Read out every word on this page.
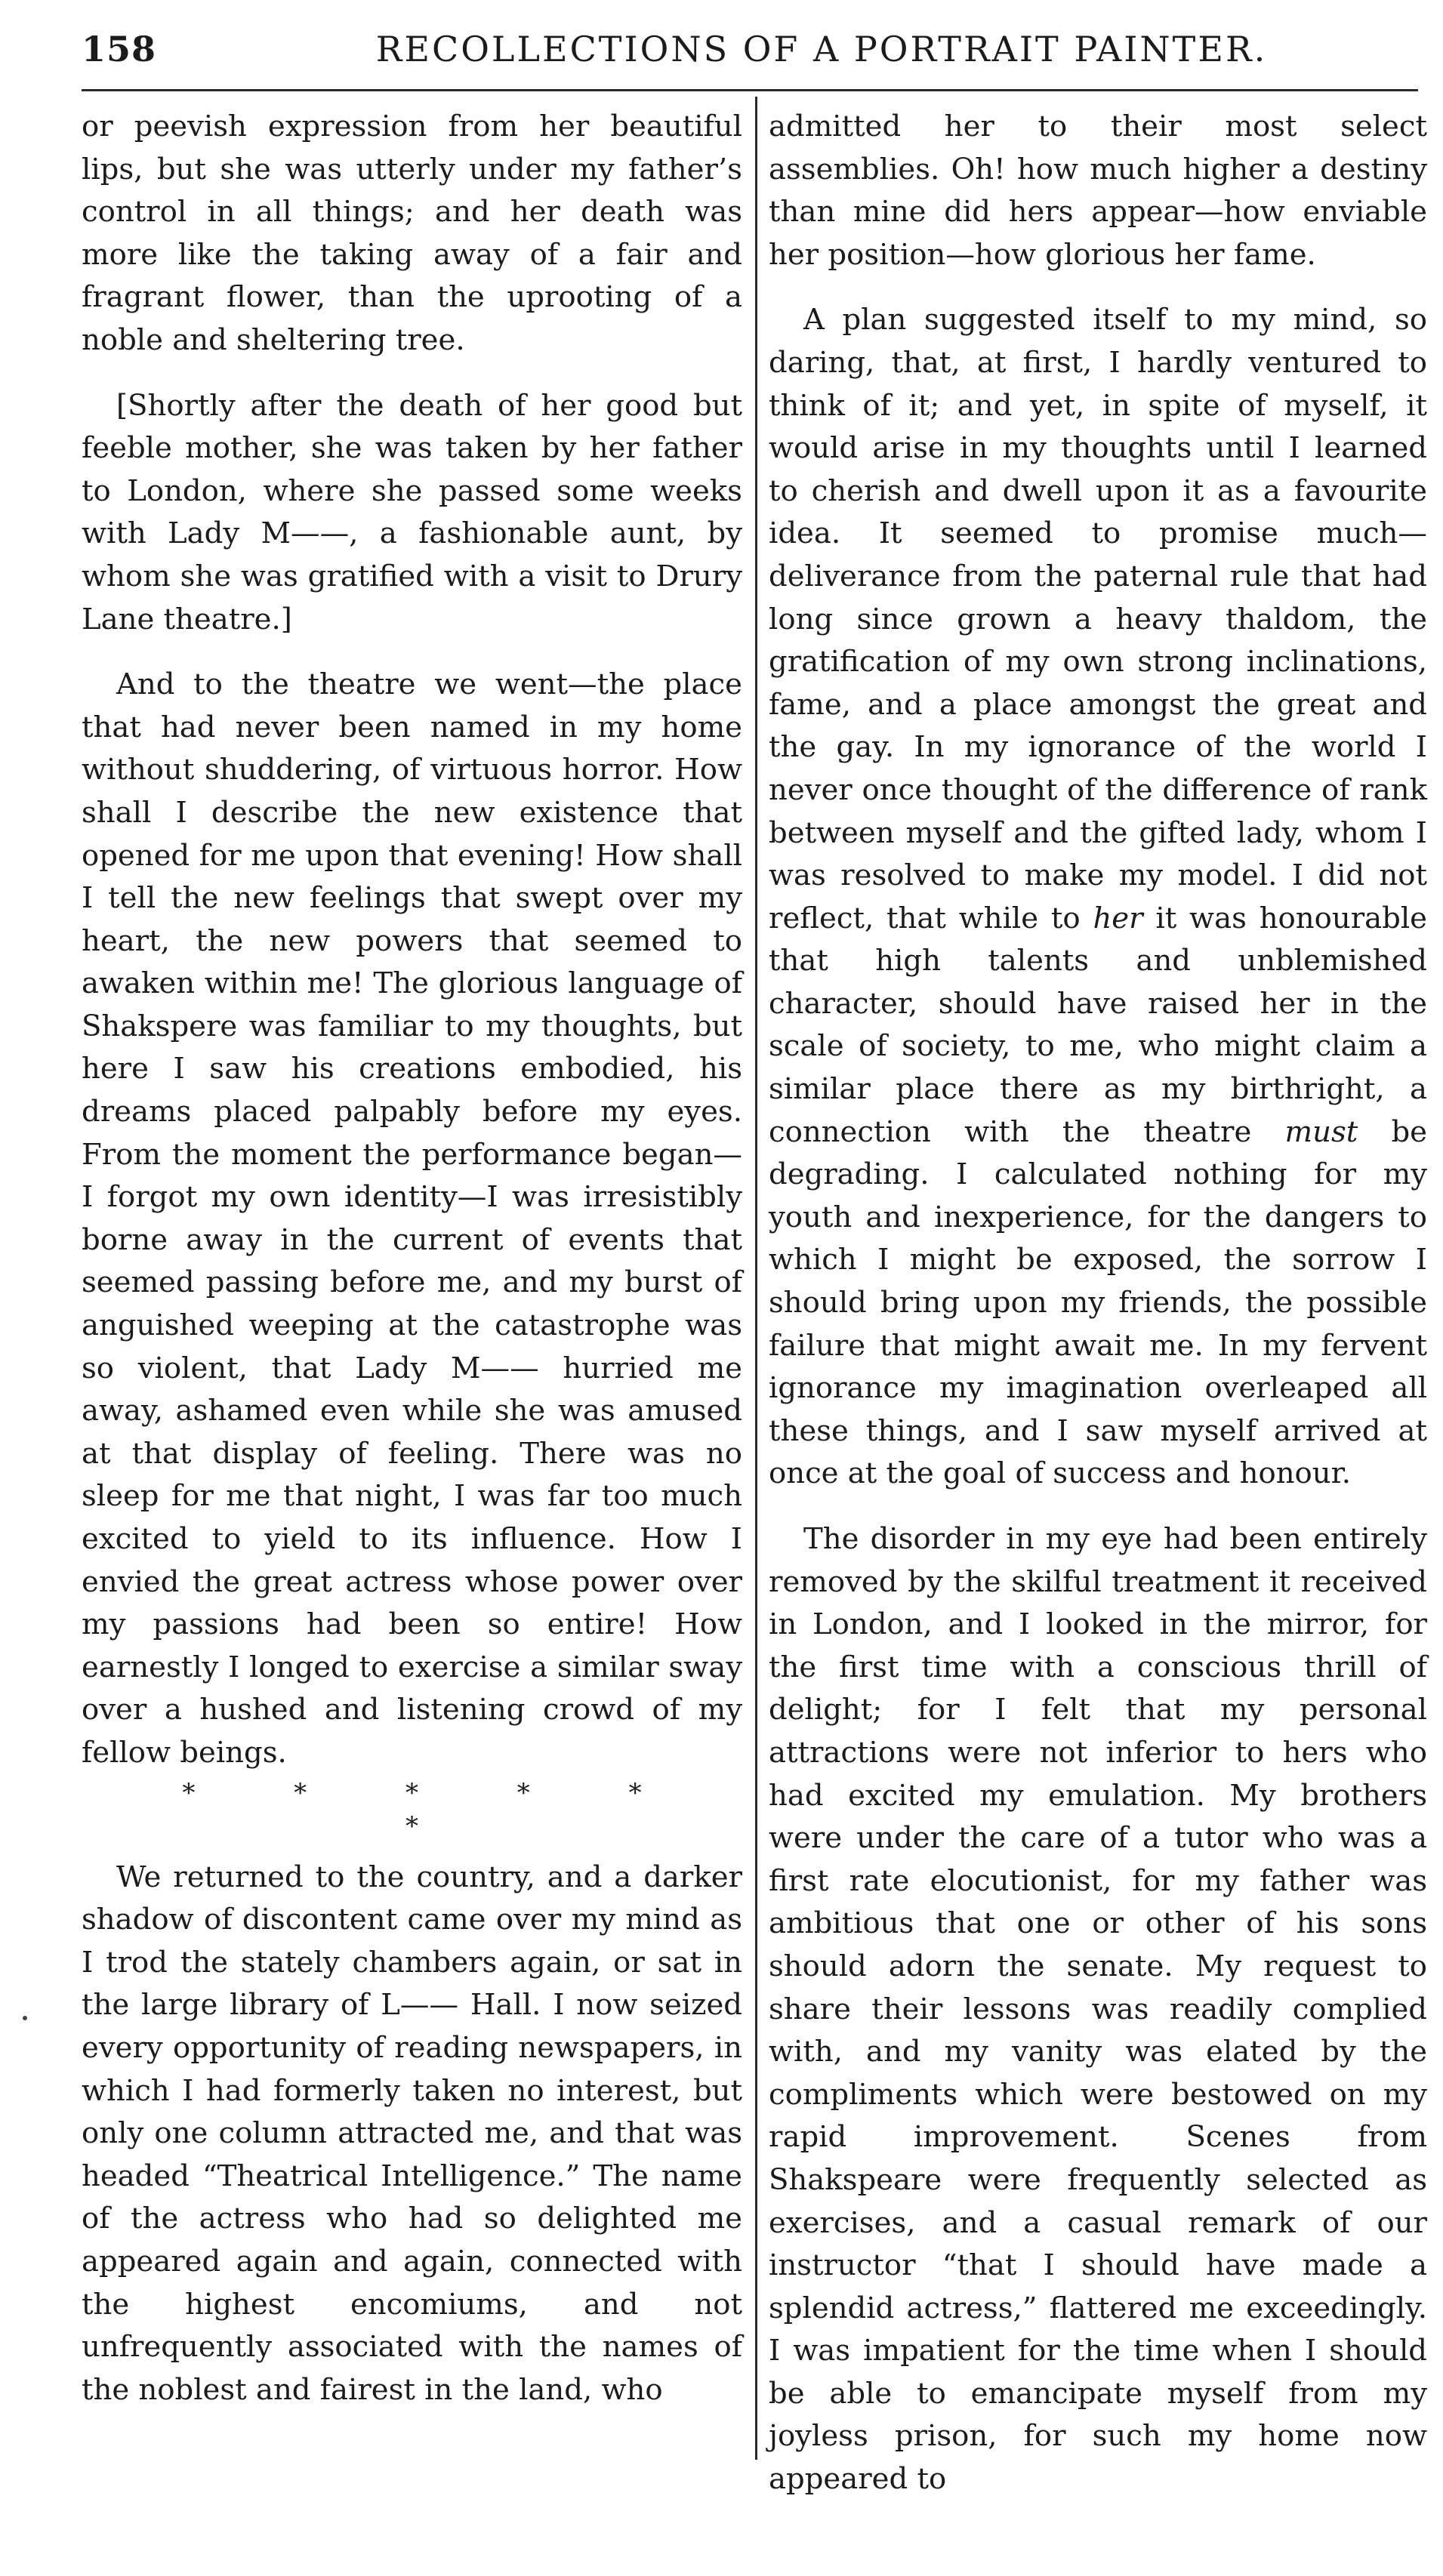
158	RECOLLECTIONS OF A PORTRAIT PAINTER.

or peevish expression from her beautiful lips, but she was utterly under my father’s control in all things; and her death was more like the taking away of a fair and fragrant flower, than the uprooting of a noble and sheltering tree.

[Shortly after the death of her good but feeble mother, she was taken by her father to London, where she passed some weeks with Lady M——, a fashionable aunt, by whom she was gratified with a visit to Drury Lane theatre.]

And to the theatre we went—the place that had never been named in my home without shuddering, of virtuous horror. How shall I describe the new existence that opened for me upon that evening! How shall I tell the new feelings that swept over my heart, the new powers that seemed to awaken within me! The glorious language of Shakspere was familiar to my thoughts, but here I saw his creations embodied, his dreams placed palpably before my eyes. From the moment the performance began—I forgot my own identity—I was irresistibly borne away in the current of events that seemed passing before me, and my burst of anguished weeping at the catastrophe was so violent, that Lady M—— hurried me away, ashamed even while she was amused at that display of feeling. There was no sleep for me that night, I was far too much excited to yield to its influence. How I envied the great actress whose power over my passions had been so entire! How earnestly I longed to exercise a similar sway over a hushed and listening crowd of my fellow beings.

* * * * * *

We returned to the country, and a darker shadow of discontent came over my mind as I trod the stately chambers again, or sat in the large library of L—— Hall. I now seized every opportunity of reading newspapers, in which I had formerly taken no interest, but only one column attracted me, and that was headed “Theatrical Intelligence.” The name of the actress who had so delighted me appeared again and again, connected with the highest encomiums, and not unfrequently associated with the names of the noblest and fairest in the land, who

admitted her to their most select assemblies. Oh! how much higher a destiny than mine did hers appear—how enviable her position—how glorious her fame.

A plan suggested itself to my mind, so daring, that, at first, I hardly ventured to think of it; and yet, in spite of myself, it would arise in my thoughts until I learned to cherish and dwell upon it as a favourite idea. It seemed to promise much—deliverance from the paternal rule that had long since grown a heavy thaldom, the gratification of my own strong inclinations, fame, and a place amongst the great and the gay. In my ignorance of the world I never once thought of the difference of rank between myself and the gifted lady, whom I was resolved to make my model. I did not reflect, that while to her it was honourable that high talents and unblemished character, should have raised her in the scale of society, to me, who might claim a similar place there as my birthright, a connection with the theatre must be degrading. I calculated nothing for my youth and inexperience, for the dangers to which I might be exposed, the sorrow I should bring upon my friends, the possible failure that might await me. In my fervent ignorance my imagination overleaped all these things, and I saw myself arrived at once at the goal of success and honour.

The disorder in my eye had been entirely removed by the skilful treatment it received in London, and I looked in the mirror, for the first time with a conscious thrill of delight; for I felt that my personal attractions were not inferior to hers who had excited my emulation. My brothers were under the care of a tutor who was a first rate elocutionist, for my father was ambitious that one or other of his sons should adorn the senate. My request to share their lessons was readily complied with, and my vanity was elated by the compliments which were bestowed on my rapid improvement. Scenes from Shakspeare were frequently selected as exercises, and a casual remark of our instructor “that I should have made a splendid actress,” flattered me exceedingly. I was impatient for the time when I should be able to emancipate myself from my joyless prison, for such my home now appeared to
